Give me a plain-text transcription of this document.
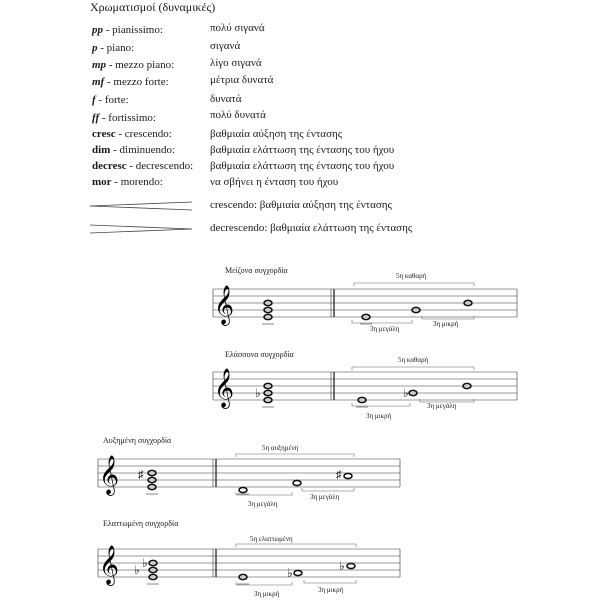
Χρωματισμοί (δυναμικές)
pp - pianissimo:	πολύ σιγανά
p - piano:	σιγανά
mp - mezzo piano:	λίγο σιγανά
mf - mezzo forte:	μέτρια δυνατά
f - forte:	δυνατά
ff - fortissimo:	πολύ δυνατά
cresc - crescendo:	βαθμιαία αύξηση της έντασης
dim - diminuendo:	βαθμιαία ελάττωση της έντασης του ήχου
decresc - decrescendo: βαθμιαία ελάττωση της έντασης του ήχου
mor - morendo:	να σβήνει η ένταση του ήχου
crescendo: βαθμιαία αύξηση της έντασης
decrescendo: βαθμιαία ελάττωση της έντασης
Μείζονα συγχορδία
𝄞
5η καθαρή
3η μεγάλη
3η μικρή
Ελάσσονα συγχορδία
𝄞 ♭	♭
5η καθαρή
3η μικρή
3η μεγάλη
Αυξημένη συγχορδία
𝄞 ♯	♯
5η αυξημένη
3η μεγάλη
3η μεγάλη
Ελαττωμένη συγχορδία
𝄞 ♭ ♭
♭	♭
5η ελαττωμένη
3η μικρή	3η μικρή
